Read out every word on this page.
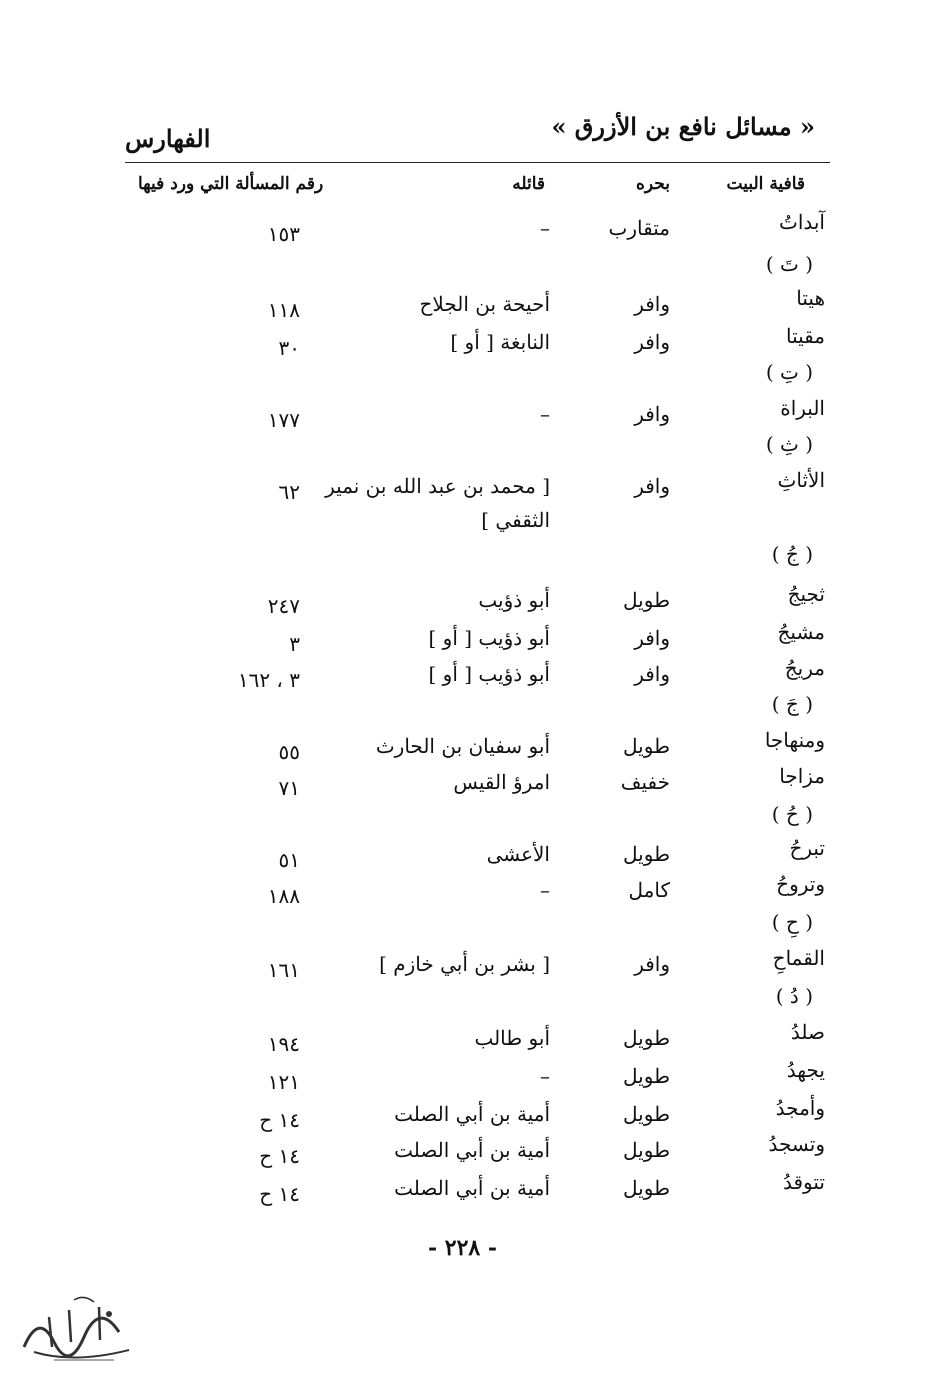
« مسائل نافع بن الأزرق »
الفهارس
قافية البيت
بحره
قائله
رقم المسألة التي ورد فيها
آبداتُ
متقارب
–
١٥٣
( تَ )
هيتا
وافر
أحيحة بن الجلاح
١١٨
مقيتا
وافر
النابغة [ أو ]
٣٠
( تِ )
البراة
وافر
–
١٧٧
( ثِ )
الأثاثِ
وافر
[ محمد بن عبد الله بن نمير
الثقفي ]
٦٢
( جُ )
ثجيجُ
طويل
أبو ذؤيب
٢٤٧
مشيجُ
وافر
أبو ذؤيب [ أو ]
٣
مريجُ
وافر
أبو ذؤيب [ أو ]
٣ ، ١٦٢
( جَ )
ومنهاجا
طويل
أبو سفيان بن الحارث
٥٥
مزاجا
خفيف
امرؤ القيس
٧١
( حُ )
تبرحُ
طويل
الأعشى
٥١
وتروحُ
كامل
–
١٨٨
( حِ )
القماحِ
وافر
[ بشر بن أبي خازم ]
١٦١
( دُ )
صلدُ
طويل
أبو طالب
١٩٤
يجهدُ
طويل
–
١٢١
وأمجدُ
طويل
أمية بن أبي الصلت
١٤ ح
وتسجدُ
طويل
أمية بن أبي الصلت
١٤ ح
تتوقدُ
طويل
أمية بن أبي الصلت
١٤ ح
- ٢٢٨ -
